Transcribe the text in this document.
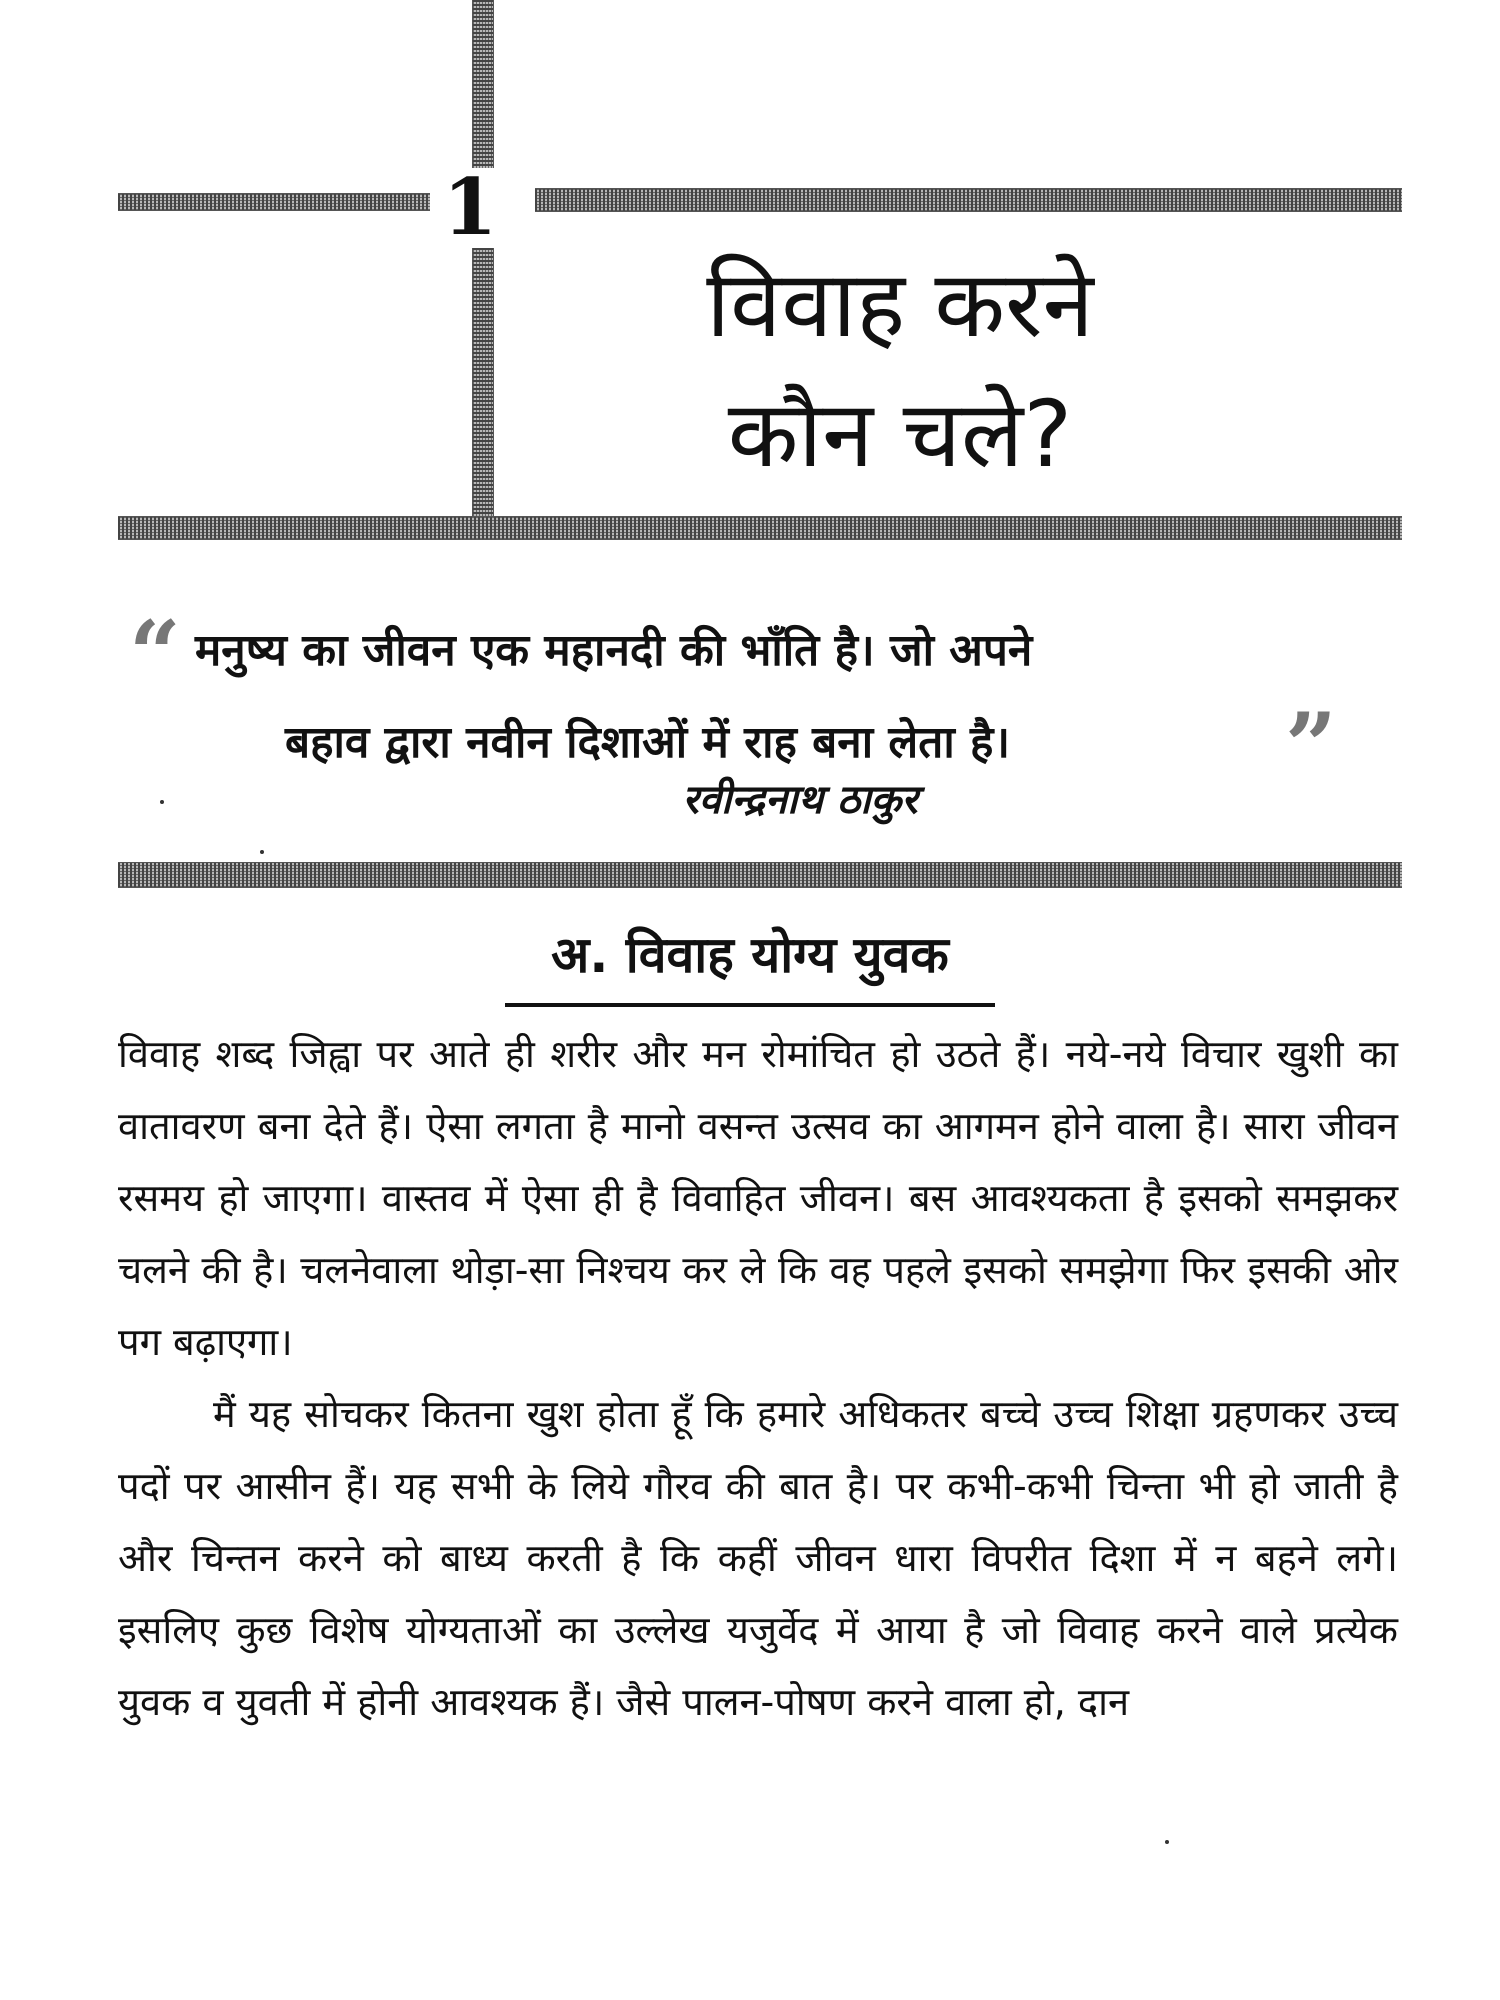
1
विवाह करने
कौन चले?
“ मनुष्य का जीवन एक महानदी की भाँति है। जो अपने
बहाव द्वारा नवीन दिशाओं में राह बना लेता है।	”
रवीन्द्रनाथ ठाकुर
अ. विवाह योग्य युवक

विवाह शब्द जिह्वा पर आते ही शरीर और मन रोमांचित हो उठते हैं। नये-नये विचार खुशी का वातावरण बना देते हैं। ऐसा लगता है मानो वसन्त उत्सव का आगमन होने वाला है। सारा जीवन रसमय हो जाएगा। वास्तव में ऐसा ही है विवाहित जीवन। बस आवश्यकता है इसको समझकर चलने की है। चलनेवाला थोड़ा-सा निश्चय कर ले कि वह पहले इसको समझेगा फिर इसकी ओर पग बढ़ाएगा।

मैं यह सोचकर कितना खुश होता हूँ कि हमारे अधिकतर बच्चे उच्च शिक्षा ग्रहणकर उच्च पदों पर आसीन हैं। यह सभी के लिये गौरव की बात है। पर कभी-कभी चिन्ता भी हो जाती है और चिन्तन करने को बाध्य करती है कि कहीं जीवन धारा विपरीत दिशा में न बहने लगे। इसलिए कुछ विशेष योग्यताओं का उल्लेख यजुर्वेद में आया है जो विवाह करने वाले प्रत्येक युवक व युवती में होनी आवश्यक हैं। जैसे पालन-पोषण करने वाला हो, दान
